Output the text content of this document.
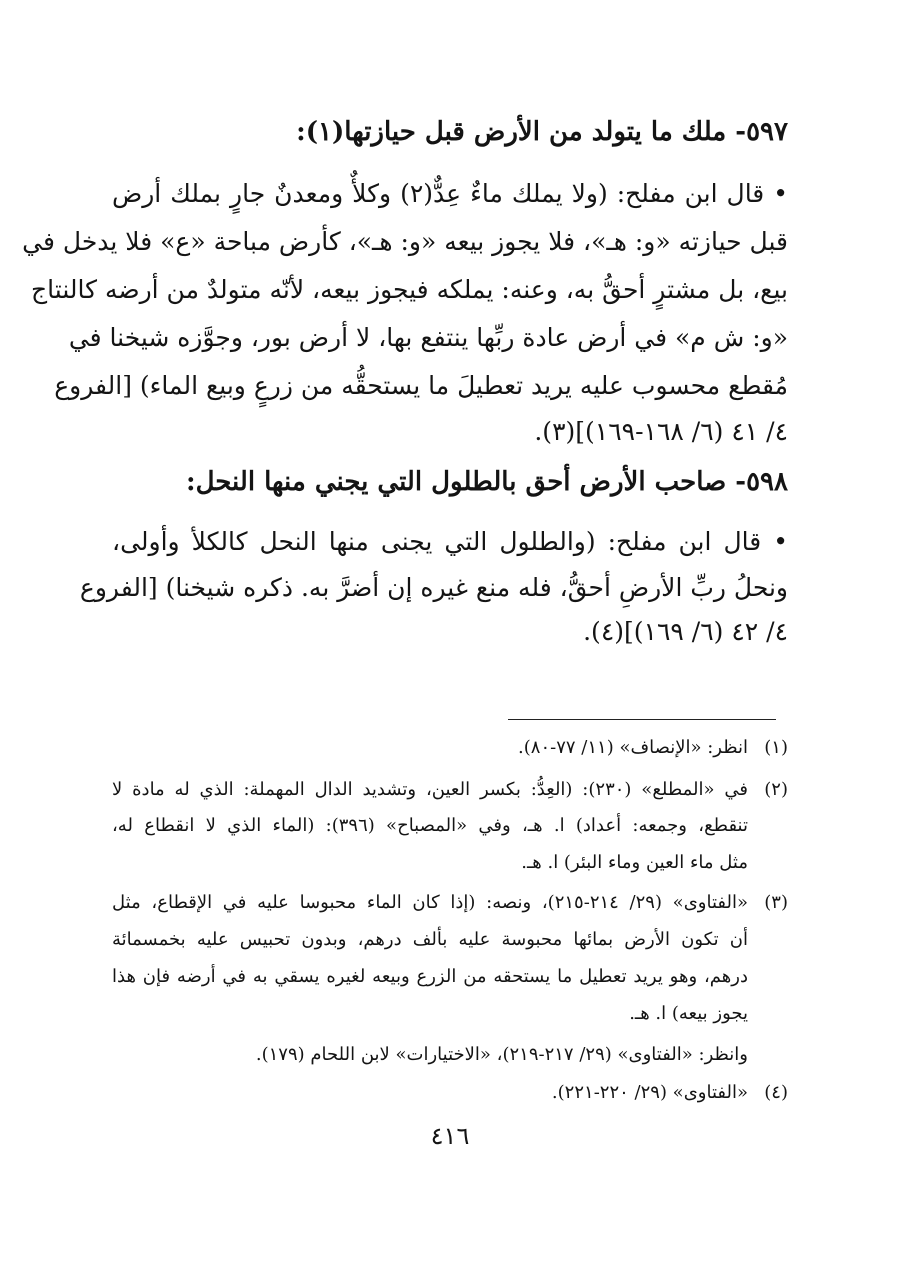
٥٩٧- ملك ما يتولد من الأرض قبل حيازتها(١):
• قال ابن مفلح: (ولا يملك ماءٌ عِدٌّ(٢) وكلأٌ ومعدنٌ جارٍ بملك أرض
قبل حيازته «و: هـ»، فلا يجوز بيعه «و: هـ»، كأرض مباحة «ع» فلا يدخل في
بيع، بل مشترٍ أحقُّ به، وعنه: يملكه فيجوز بيعه، لأنّه متولدٌ من أرضه كالنتاج
«و: ش م» في أرض عادة ربِّها ينتفع بها، لا أرض بور، وجوَّزه شيخنا في
مُقطع محسوب عليه يريد تعطيلَ ما يستحقُّه من زرعٍ وبيع الماء) [الفروع
٤/ ٤١ (٦/ ١٦٨-١٦٩)](٣).
٥٩٨- صاحب الأرض أحق بالطلول التي يجني منها النحل:
• قال ابن مفلح: (والطلول التي يجنى منها النحل كالكلأ وأولى،
ونحلُ ربِّ الأرضِ أحقُّ، فله منع غيره إن أضرَّ به. ذكره شيخنا) [الفروع
٤/ ٤٢ (٦/ ١٦٩)](٤).
(١)
انظر: «الإنصاف» (١١/ ٧٧-٨٠).
(٢)
في «المطلع» (٢٣٠): (العِدُّ: بكسر العين، وتشديد الدال المهملة: الذي له مادة لا
تنقطع، وجمعه: أعداد) ا. هـ، وفي «المصباح» (٣٩٦): (الماء الذي لا انقطاع له،
مثل ماء العين وماء البئر) ا. هـ.
(٣)
«الفتاوى» (٢٩/ ٢١٤-٢١٥)، ونصه: (إذا كان الماء محبوسا عليه في الإقطاع، مثل
أن تكون الأرض بمائها محبوسة عليه بألف درهم، وبدون تحبيس عليه بخمسمائة
درهم، وهو يريد تعطيل ما يستحقه من الزرع وبيعه لغيره يسقي به في أرضه فإن هذا
يجوز بيعه) ا. هـ.
وانظر: «الفتاوى» (٢٩/ ٢١٧-٢١٩)، «الاختيارات» لابن اللحام (١٧٩).
(٤)
«الفتاوى» (٢٩/ ٢٢٠-٢٢١).
٤١٦
